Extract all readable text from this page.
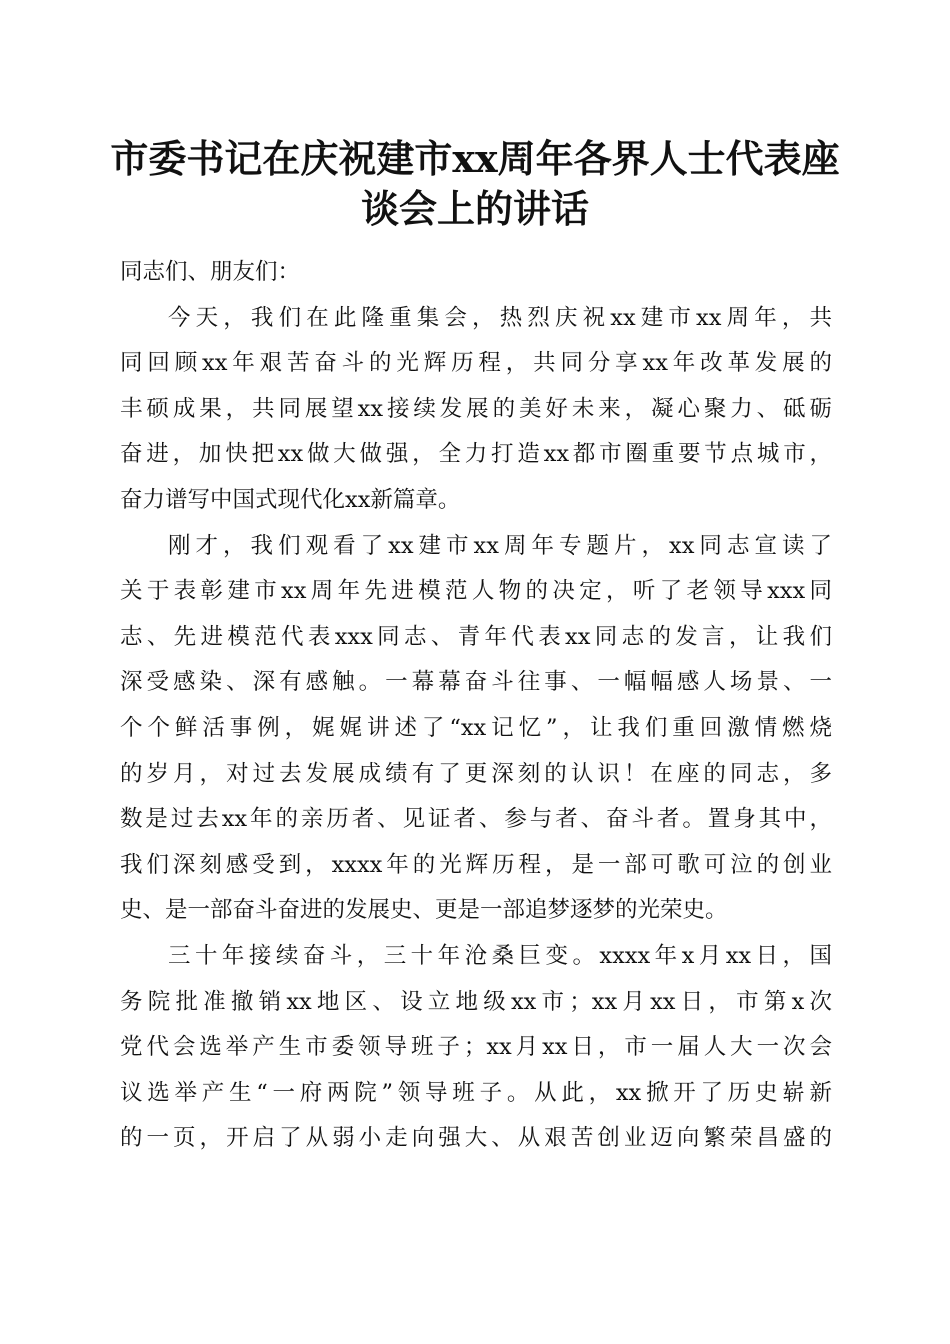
市委书记在庆祝建市xx周年各界人士代表座
谈会上的讲话
同志们、朋友们：
今天，我们在此隆重集会，热烈庆祝xx建市xx周年，共
同回顾xx年艰苦奋斗的光辉历程，共同分享xx年改革发展的
丰硕成果，共同展望xx接续发展的美好未来，凝心聚力、砥砺
奋进，加快把xx做大做强，全力打造xx都市圈重要节点城市，
奋力谱写中国式现代化xx新篇章。
刚才，我们观看了xx建市xx周年专题片，xx同志宣读了
关于表彰建市xx周年先进模范人物的决定，听了老领导xxx同
志、先进模范代表xxx同志、青年代表xx同志的发言，让我们
深受感染、深有感触。一幕幕奋斗往事、一幅幅感人场景、一
个个鲜活事例，娓娓讲述了“xx记忆”，让我们重回激情燃烧
的岁月，对过去发展成绩有了更深刻的认识！在座的同志，多
数是过去xx年的亲历者、见证者、参与者、奋斗者。置身其中，
我们深刻感受到，xxxx年的光辉历程，是一部可歌可泣的创业
史、是一部奋斗奋进的发展史、更是一部追梦逐梦的光荣史。
三十年接续奋斗，三十年沧桑巨变。xxxx年x月xx日，国
务院批准撤销xx地区、设立地级xx市；xx月xx日，市第x次
党代会选举产生市委领导班子；xx月xx日，市一届人大一次会
议选举产生“一府两院”领导班子。从此，xx掀开了历史崭新
的一页，开启了从弱小走向强大、从艰苦创业迈向繁荣昌盛的
